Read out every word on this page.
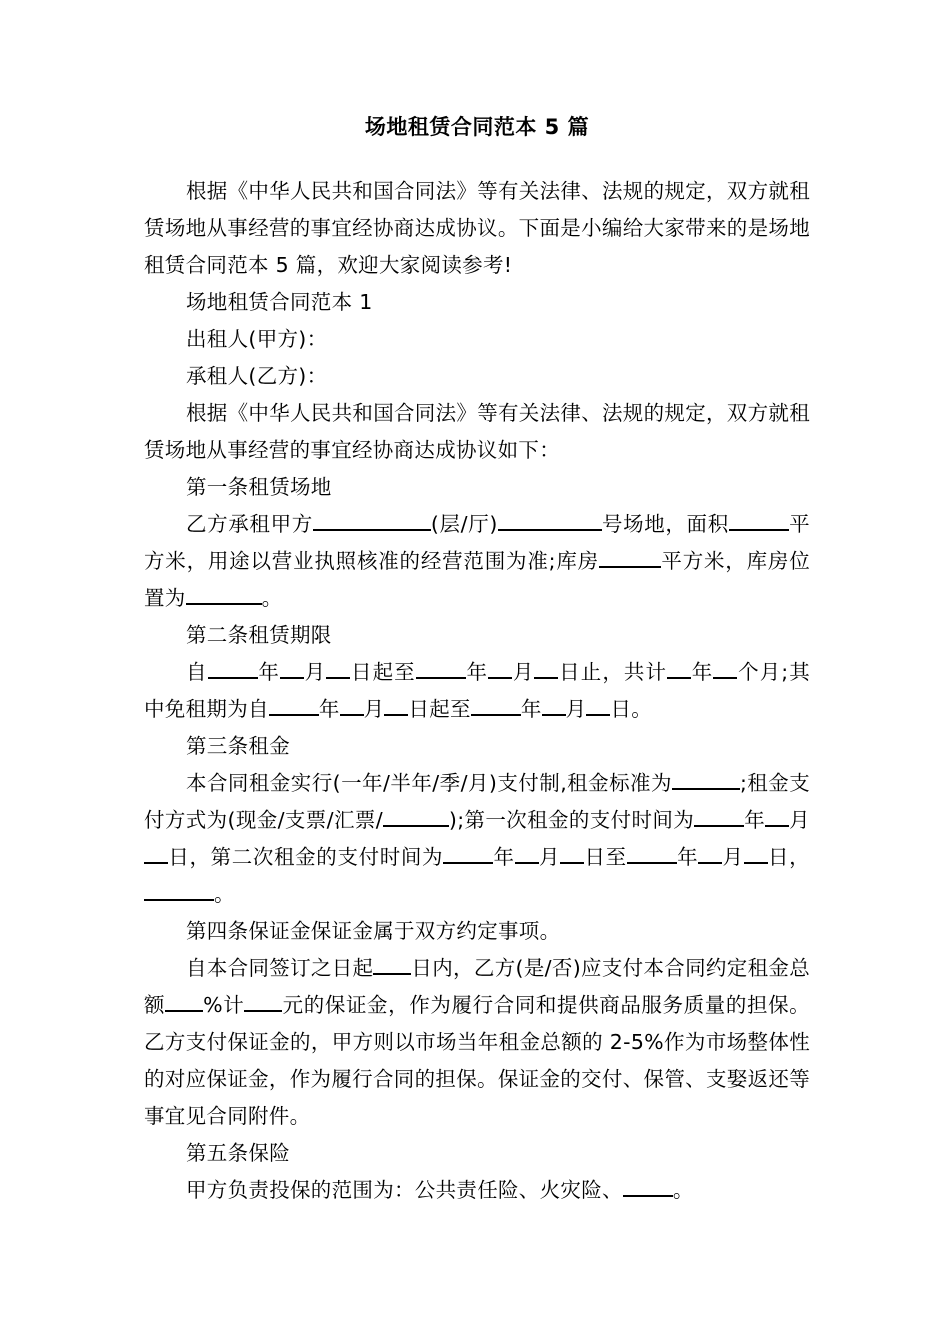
场地租赁合同范本 5 篇

根据《中华人民共和国合同法》等有关法律、法规的规定，双方就租赁场地从事经营的事宜经协商达成协议。下面是小编给大家带来的是场地租赁合同范本 5 篇，欢迎大家阅读参考!

场地租赁合同范本 1

出租人(甲方)：

承租人(乙方)：

根据《中华人民共和国合同法》等有关法律、法规的规定，双方就租赁场地从事经营的事宜经协商达成协议如下：

第一条租赁场地

乙方承租甲方	(层/厅)	号场地，面积	平方米，用途以营业执照核准的经营范围为准;库房	平方米，库房位置为	。

第二条租赁期限

自 年 月 日起至 年 月 日止，共计 年 个月;其中免租期为自 年 月 日起至 年 月 日。

第三条租金

本合同租金实行(一年/半年/季/月)支付制,租金标准为	;租金支付方式为(现金/支票/汇票/	);第一次租金的支付时间为 年 月日，第二次租金的支付时间为 年 月 日至 年 月 日，。

第四条保证金保证金属于双方约定事项。

自本合同签订之日起 日内，乙方(是/否)应支付本合同约定租金总额 %计 元的保证金，作为履行合同和提供商品服务质量的担保。乙方支付保证金的，甲方则以市场当年租金总额的 2-5%作为市场整体性的对应保证金，作为履行合同的担保。保证金的交付、保管、支娶返还等事宜见合同附件。

第五条保险

甲方负责投保的范围为：公共责任险、火灾险、 。
